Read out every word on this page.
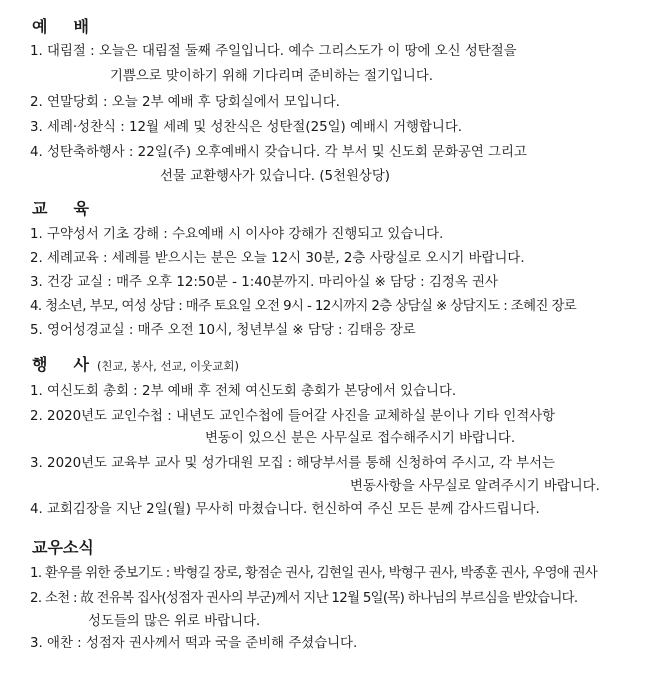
예 배
1. 대림절 : 오늘은 대림절 둘째 주일입니다. 예수 그리스도가 이 땅에 오신 성탄절을
기쁨으로 맞이하기 위해 기다리며 준비하는 절기입니다.
2. 연말당회 : 오늘 2부 예배 후 당회실에서 모입니다.
3. 세례·성찬식 : 12월 세례 및 성찬식은 성탄절(25일) 예배시 거행합니다.
4. 성탄축하행사 : 22일(주) 오후예배시 갖습니다. 각 부서 및 신도회 문화공연 그리고
선물 교환행사가 있습니다. (5천원상당)
교 육
1. 구약성서 기초 강해 : 수요예배 시 이사야 강해가 진행되고 있습니다.
2. 세례교육 : 세례를 받으시는 분은 오늘 12시 30분, 2층 사랑실로 오시기 바랍니다.
3. 건강 교실 : 매주 오후 12:50분 - 1:40분까지. 마리아실 ※ 담당 : 김정옥 권사
4. 청소년, 부모, 여성 상담 : 매주 토요일 오전 9시 - 12시까지 2층 상담실 ※ 상담지도 : 조혜진 장로
5. 영어성경교실 : 매주 오전 10시, 청년부실 ※ 담당 : 김태응 장로
행 사 (친교, 봉사, 선교, 이웃교회)
1. 여신도회 총회 : 2부 예배 후 전체 여신도회 총회가 본당에서 있습니다.
2. 2020년도 교인수첩 : 내년도 교인수첩에 들어갈 사진을 교체하실 분이나 기타 인적사항
변동이 있으신 분은 사무실로 접수해주시기 바랍니다.
3. 2020년도 교육부 교사 및 성가대원 모집 : 해당부서를 통해 신청하여 주시고, 각 부서는
변동사항을 사무실로 알려주시기 바랍니다.
4. 교회김장을 지난 2일(월) 무사히 마쳤습니다. 헌신하여 주신 모든 분께 감사드립니다.
교우소식
1. 환우를 위한 중보기도 : 박형길 장로, 황점순 권사, 김현일 권사, 박형구 권사, 박종훈 권사, 우영애 권사
2. 소천 : 故 전유복 집사(성점자 권사의 부군)께서 지난 12월 5일(목) 하나님의 부르심을 받았습니다.
성도들의 많은 위로 바랍니다.
3. 애찬 : 성점자 권사께서 떡과 국을 준비해 주셨습니다.
